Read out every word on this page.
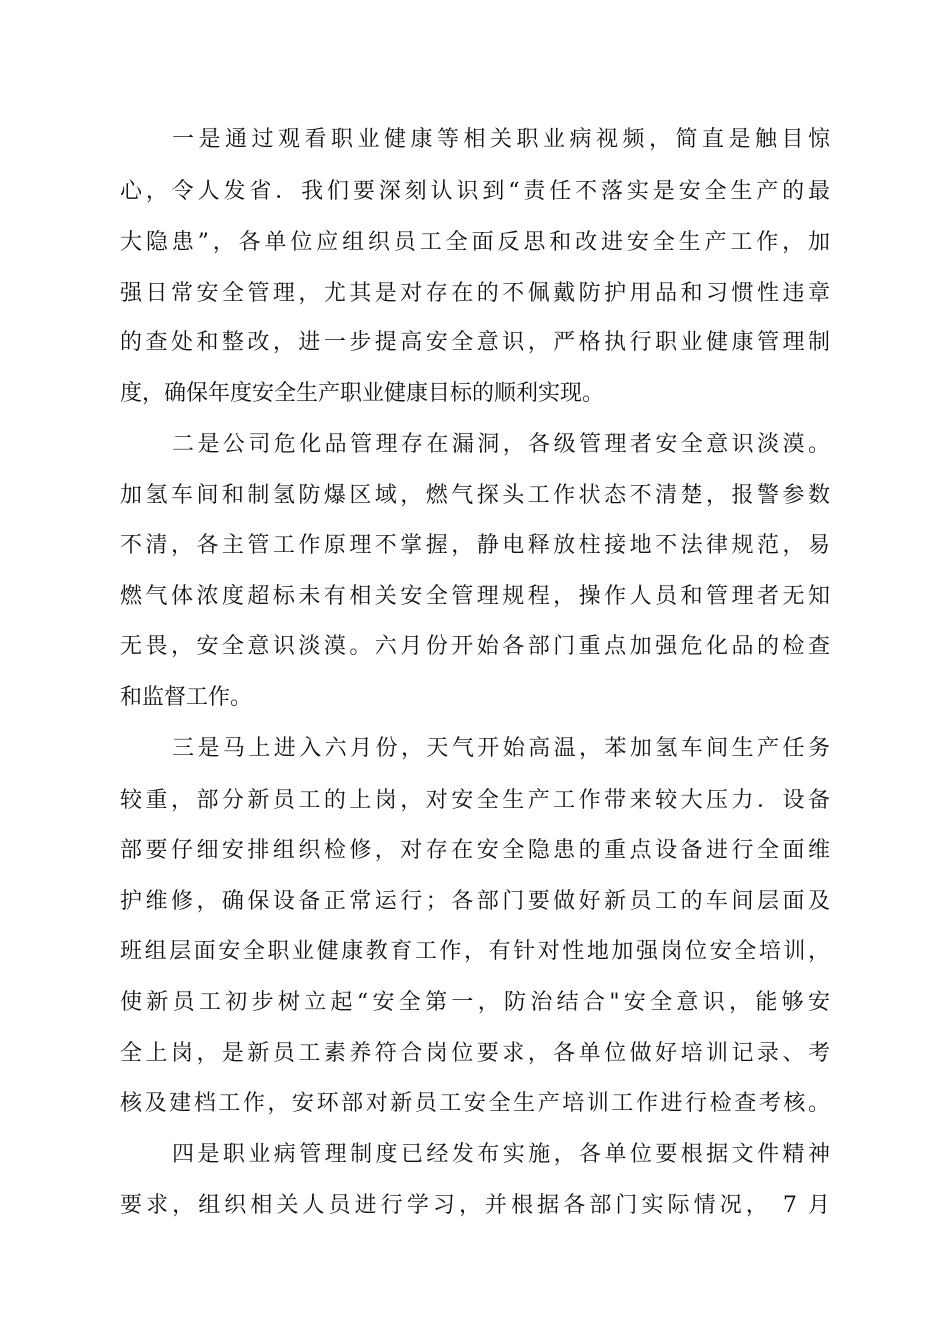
一是通过观看职业健康等相关职业病视频，简直是触目惊
心，令人发省．我们要深刻认识到“责任不落实是安全生产的最
大隐患”，各单位应组织员工全面反思和改进安全生产工作，加
强日常安全管理，尤其是对存在的不佩戴防护用品和习惯性违章
的查处和整改，进一步提高安全意识，严格执行职业健康管理制
度，确保年度安全生产职业健康目标的顺利实现。
二是公司危化品管理存在漏洞，各级管理者安全意识淡漠。
加氢车间和制氢防爆区域，燃气探头工作状态不清楚，报警参数
不清，各主管工作原理不掌握，静电释放柱接地不法律规范，易
燃气体浓度超标未有相关安全管理规程，操作人员和管理者无知
无畏，安全意识淡漠。六月份开始各部门重点加强危化品的检查
和监督工作。
三是马上进入六月份，天气开始高温，苯加氢车间生产任务
较重，部分新员工的上岗，对安全生产工作带来较大压力．设备
部要仔细安排组织检修，对存在安全隐患的重点设备进行全面维
护维修，确保设备正常运行；各部门要做好新员工的车间层面及
班组层面安全职业健康教育工作，有针对性地加强岗位安全培训，
使新员工初步树立起“安全第一，防治结合"安全意识，能够安
全上岗，是新员工素养符合岗位要求，各单位做好培训记录、考
核及建档工作，安环部对新员工安全生产培训工作进行检查考核。
四是职业病管理制度已经发布实施，各单位要根据文件精神
要求，组织相关人员进行学习，并根据各部门实际情况， 7 月
